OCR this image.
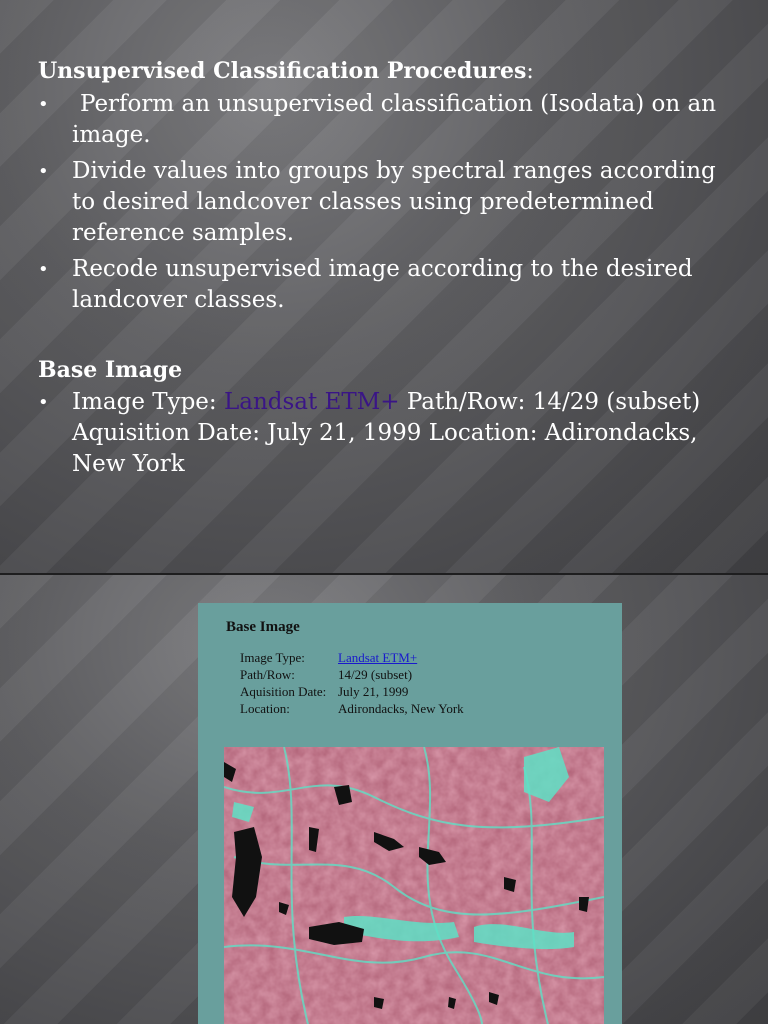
Unsupervised Classification Procedures:

• Perform an unsupervised classification (Isodata) on an image.
• Divide values into groups by spectral ranges according to desired landcover classes using predetermined reference samples.
• Recode unsupervised image according to the desired landcover classes.

Base Image

• Image Type: Landsat ETM+ Path/Row: 14/29 (subset) Aquisition Date: July 21, 1999 Location: Adirondacks, New York
Base Image
Image Type:	Landsat ETM+
Path/Row:	14/29 (subset)
Aquisition Date: July 21, 1999
Location:	Adirondacks, New York
